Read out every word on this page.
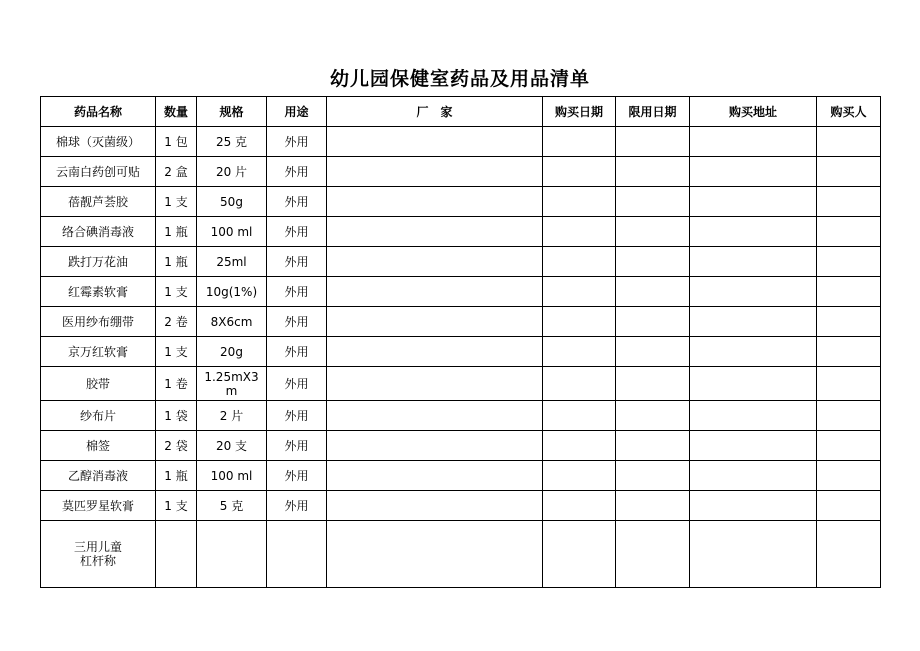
幼儿园保健室药品及用品清单
药品名称	数量	规格	用途	厂　家	购买日期	限用日期	购买地址	购买人
棉球（灭菌级）	1 包	25 克	外用					
云南白药创可贴	2 盒	20 片	外用					
蓓靓芦荟胶	1 支	50g	外用					
络合碘消毒液	1 瓶	100 ml	外用					
跌打万花油	1 瓶	25ml	外用					
红霉素软膏	1 支	10g(1%)	外用					
医用纱布绷带	2 卷	8X6cm	外用					
京万红软膏	1 支	20g	外用					
胶带	1 卷	1.25mX3m	外用					
纱布片	1 袋	2 片	外用					
棉签	2 袋	20 支	外用					
乙醇消毒液	1 瓶	100 ml	外用					
莫匹罗星软膏	1 支	5 克	外用					

三用儿童
杠杆称								
